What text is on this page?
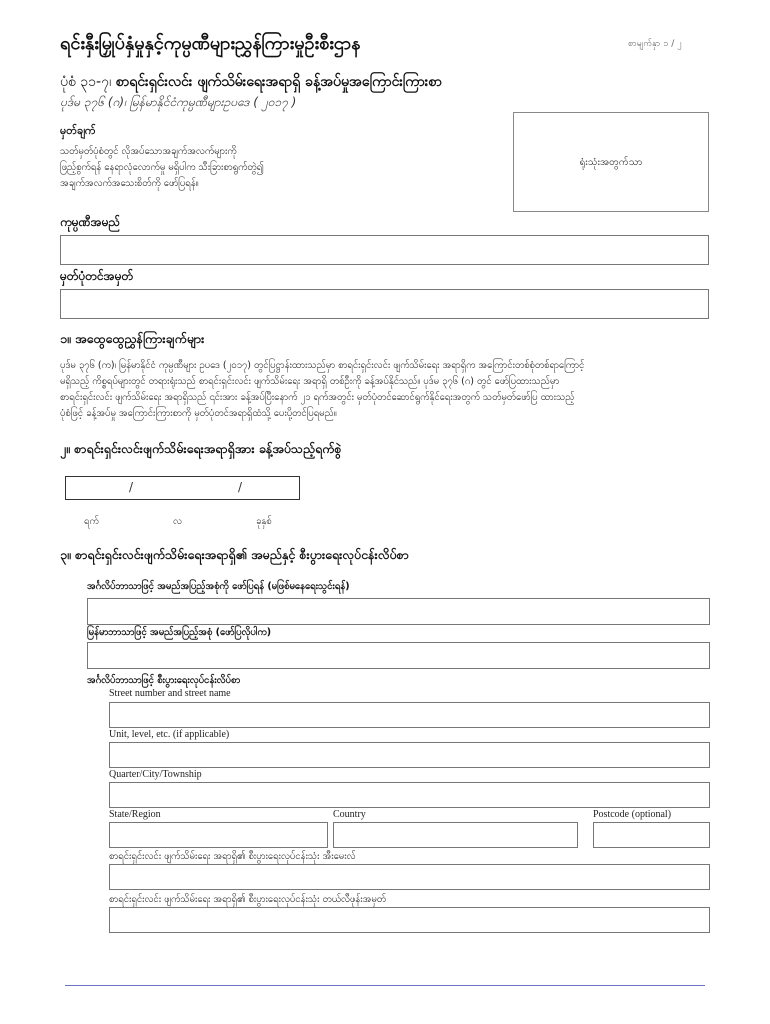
ရင်းနှီးမြှုပ်နှံမှုနှင့်ကုမ္ပဏီများညွှန်ကြားမှုဦးစီးဌာန	စာမျက်နှာ ၁ / ၂
ပုံစံ ၃၁-၇၊ စာရင်းရှင်းလင်း ဖျက်သိမ်းရေးအရာရှိ ခန့်အပ်မှုအကြောင်းကြားစာ
ပုဒ်မ ၃၇၆ (ဂ)၊ မြန်မာနိုင်ငံကုမ္ပဏီများဥပဒေ ( ၂၀၁၇ )
မှတ်ချက်
သတ်မှတ်ပုံစံတွင် လိုအပ်သောအချက်အလက်များကို
ဖြည့်စွက်ရန် နေရာလုံလောက်မှု မရှိပါက သီးခြားစာရွက်တွဲ၍
အချက်အလက်အသေးစိတ်ကို ဖော်ပြရန်။
ရုံးသုံးအတွက်သာ
ကုမ္ပဏီအမည်
မှတ်ပုံတင်အမှတ်
၁။ အထွေထွေညွှန်ကြားချက်များ
ပုဒ်မ ၃၇၆ (က)၊ မြန်မာနိုင်ငံ ကုမ္ပဏီများ ဥပဒေ (၂၀၁၇) တွင်ပြဋ္ဌာန်းထားသည်မှာ စာရင်းရှင်းလင်း ဖျက်သိမ်းရေး အရာရှိက အကြောင်းတစ်စုံတစ်ရာကြောင့်
မရှိသည့် ကိစ္စရပ်များတွင် တရားရုံးသည် စာရင်းရှင်းလင်း ဖျက်သိမ်းရေး အရာရှိ တစ်ဦးကို ခန့်အပ်နိုင်သည်။ ပုဒ်မ ၃၇၆ (ဂ) တွင် ဖော်ပြထားသည်မှာ
စာရင်းရှင်းလင်း ဖျက်သိမ်းရေး အရာရှိသည် ၎င်းအား ခန့်အပ်ပြီးနောက် ၂၁ ရက်အတွင်း မှတ်ပုံတင်ဆောင်ရွက်နိုင်ရေးအတွက် သတ်မှတ်ဖော်ပြ ထားသည့်
ပုံစံဖြင့် ခန့်အပ်မှု အကြောင်းကြားစာကို မှတ်ပုံတင်အရာရှိထံသို့ ပေးပို့တင်ပြရမည်။
၂။ စာရင်းရှင်းလင်းဖျက်သိမ်းရေးအရာရှိအား ခန့်အပ်သည့်ရက်စွဲ
/	/
ရက်	လ	ခုနှစ်
၃။ စာရင်းရှင်းလင်းဖျက်သိမ်းရေးအရာရှိ၏ အမည်နှင့် စီးပွားရေးလုပ်ငန်းလိပ်စာ
အင်္ဂလိပ်ဘာသာဖြင့် အမည်အပြည့်အစုံကို ဖော်ပြရန် (မဖြစ်မနေရေးသွင်းရန်)
မြန်မာဘာသာဖြင့် အမည်အပြည့်အစုံ (ဖော်ပြလိုပါက)
အင်္ဂလိပ်ဘာသာဖြင့် စီးပွားရေးလုပ်ငန်းလိပ်စာ
Street number and street name
Unit, level, etc. (if applicable)
Quarter/City/Township
State/Region	Country	Postcode (optional)
စာရင်းရှင်းလင်း ဖျက်သိမ်းရေး အရာရှိ၏ စီးပွားရေးလုပ်ငန်းသုံး အီးမေးလ်
စာရင်းရှင်းလင်း ဖျက်သိမ်းရေး အရာရှိ၏ စီးပွားရေးလုပ်ငန်းသုံး တယ်လီဖုန်းအမှတ်
